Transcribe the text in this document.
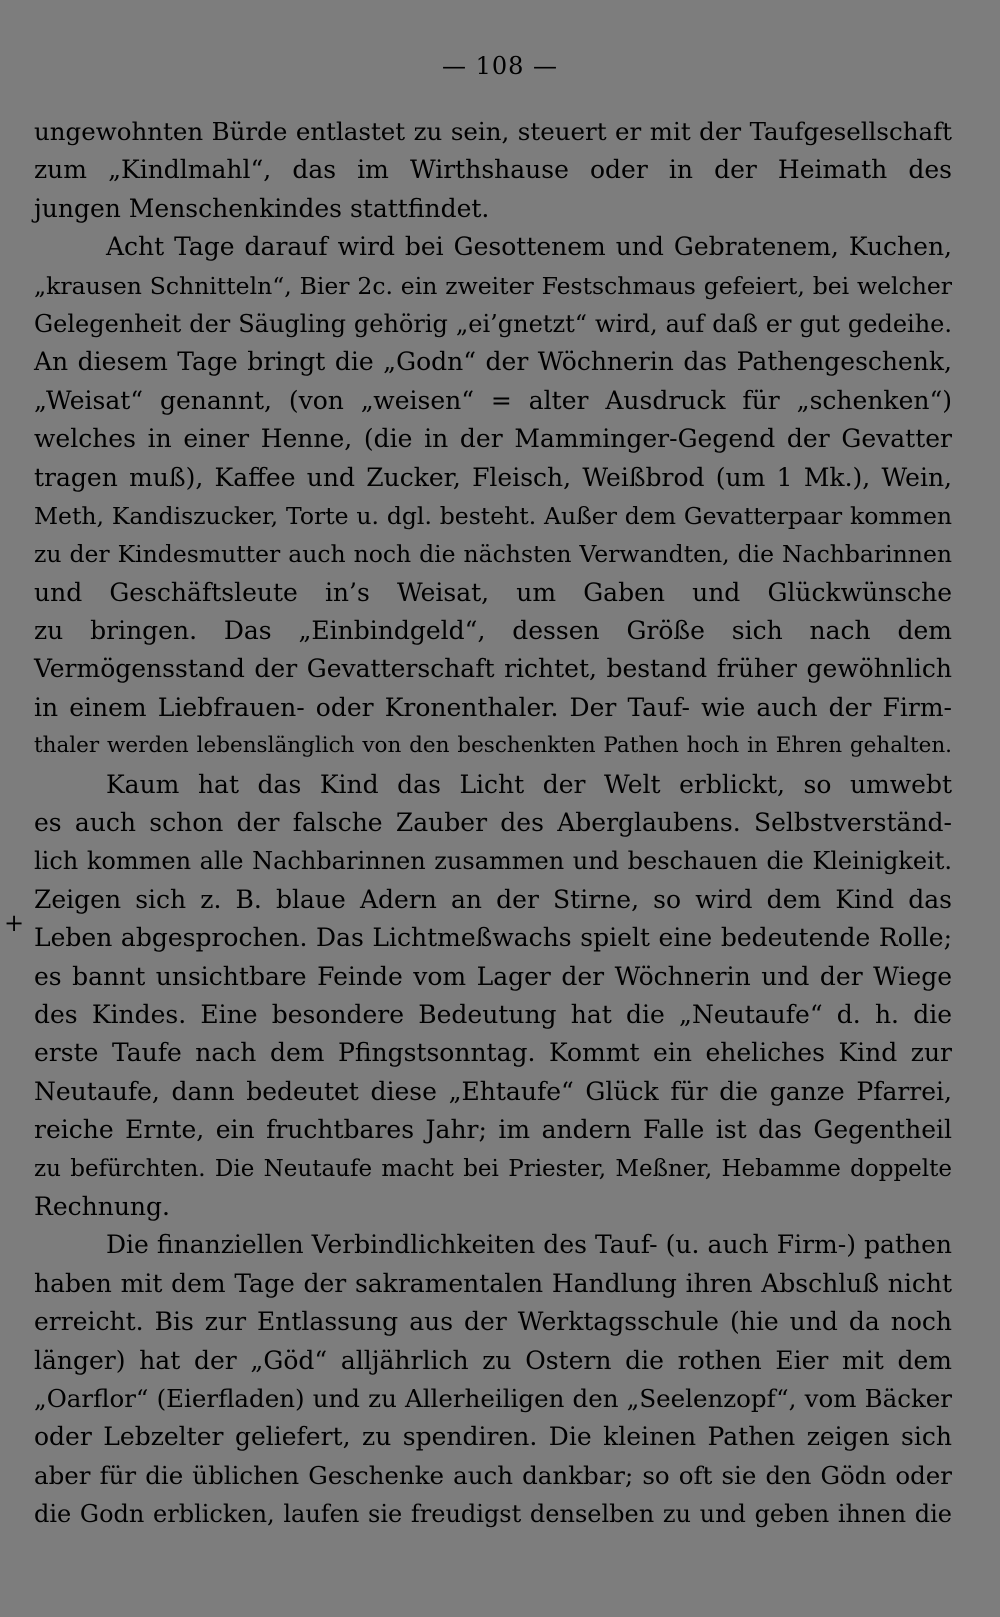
— 108 —
+
ungewohnten Bürde entlastet zu sein, steuert er mit der Taufgesellschaft
zum „Kindlmahl“, das im Wirthshause oder in der Heimath des
jungen Menschenkindes stattfindet.
Acht Tage darauf wird bei Gesottenem und Gebratenem, Kuchen,
„krausen Schnitteln“, Bier 2c. ein zweiter Festschmaus gefeiert, bei welcher
Gelegenheit der Säugling gehörig „ei’gnetzt“ wird, auf daß er gut gedeihe.
An diesem Tage bringt die „Godn“ der Wöchnerin das Pathengeschenk,
„Weisat“ genannt, (von „weisen“ = alter Ausdruck für „schenken“)
welches in einer Henne, (die in der Mamminger-Gegend der Gevatter
tragen muß), Kaffee und Zucker, Fleisch, Weißbrod (um 1 Mk.), Wein,
Meth, Kandiszucker, Torte u. dgl. besteht. Außer dem Gevatterpaar kommen
zu der Kindesmutter auch noch die nächsten Verwandten, die Nachbarinnen
und Geschäftsleute in’s Weisat, um Gaben und Glückwünsche
zu bringen. Das „Einbindgeld“, dessen Größe sich nach dem
Vermögensstand der Gevatterschaft richtet, bestand früher gewöhnlich
in einem Liebfrauen- oder Kronenthaler. Der Tauf- wie auch der Firm-
thaler werden lebenslänglich von den beschenkten Pathen hoch in Ehren gehalten.
Kaum hat das Kind das Licht der Welt erblickt, so umwebt
es auch schon der falsche Zauber des Aberglaubens. Selbstverständ-
lich kommen alle Nachbarinnen zusammen und beschauen die Kleinigkeit.
Zeigen sich z. B. blaue Adern an der Stirne, so wird dem Kind das
Leben abgesprochen. Das Lichtmeßwachs spielt eine bedeutende Rolle;
es bannt unsichtbare Feinde vom Lager der Wöchnerin und der Wiege
des Kindes. Eine besondere Bedeutung hat die „Neutaufe“ d. h. die
erste Taufe nach dem Pfingstsonntag. Kommt ein eheliches Kind zur
Neutaufe, dann bedeutet diese „Ehtaufe“ Glück für die ganze Pfarrei,
reiche Ernte, ein fruchtbares Jahr; im andern Falle ist das Gegentheil
zu befürchten. Die Neutaufe macht bei Priester, Meßner, Hebamme doppelte
Rechnung.
Die finanziellen Verbindlichkeiten des Tauf- (u. auch Firm-) pathen
haben mit dem Tage der sakramentalen Handlung ihren Abschluß nicht
erreicht. Bis zur Entlassung aus der Werktagsschule (hie und da noch
länger) hat der „Göd“ alljährlich zu Ostern die rothen Eier mit dem
„Oarflor“ (Eierfladen) und zu Allerheiligen den „Seelenzopf“, vom Bäcker
oder Lebzelter geliefert, zu spendiren. Die kleinen Pathen zeigen sich
aber für die üblichen Geschenke auch dankbar; so oft sie den Gödn oder
die Godn erblicken, laufen sie freudigst denselben zu und geben ihnen die
